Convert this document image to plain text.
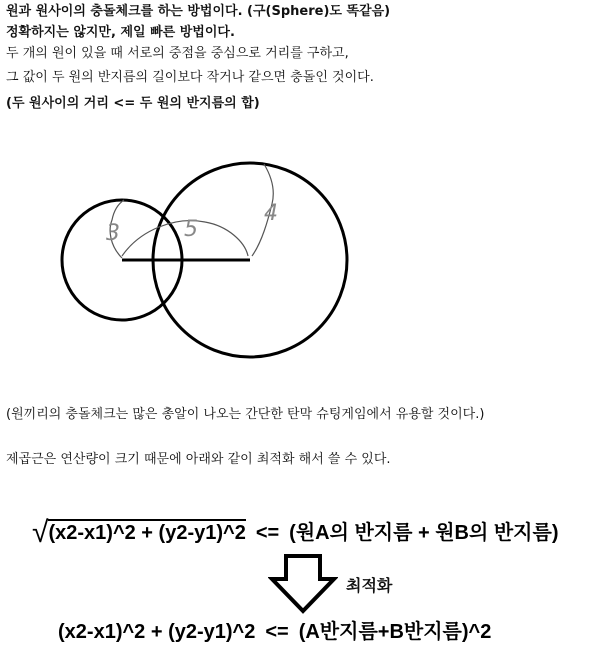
원과 원사이의 충돌체크를 하는 방법이다. (구(Sphere)도 똑같음)
정확하지는 않지만, 제일 빠른 방법이다.
두 개의 원이 있을 때 서로의 중점을 중심으로 거리를 구하고,
그 값이 두 원의 반지름의 길이보다 작거나 같으면 충돌인 것이다.
(두 원사이의 거리 <= 두 원의 반지름의 합)
3	5
4
(원끼리의 충돌체크는 많은 총알이 나오는 간단한 탄막 슈팅게임에서 유용할 것이다.)
제곱근은 연산량이 크기 때문에 아래와 같이 최적화 해서 쓸 수 있다.
√(x2-x1)^2 + (y2-y1)^2 <= (원A의 반지름 + 원B의 반지름)
최적화
(x2-x1)^2 + (y2-y1)^2 <= (A반지름+B반지름)^2
